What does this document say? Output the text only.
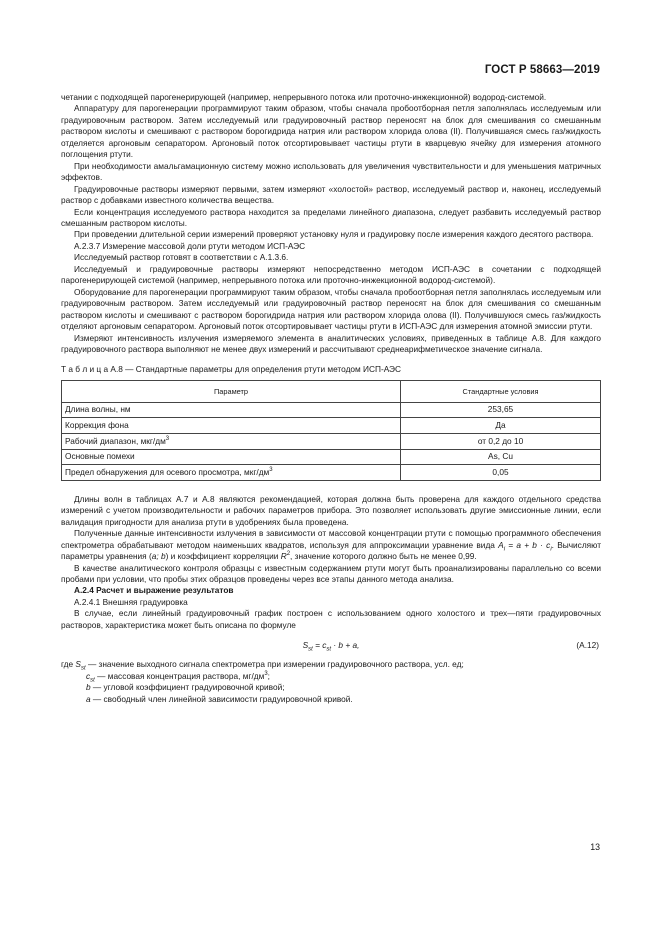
ГОСТ Р 58663—2019

четании с подходящей парогенерирующей (например, непрерывного потока или проточно-инжекционной) водород-системой.

Аппаратуру для парогенерации программируют таким образом, чтобы сначала пробоотборная петля заполнялась исследуемым или градуировочным раствором. Затем исследуемый или градуировочный раствор переносят на блок для смешивания со смешанным раствором кислоты и смешивают с раствором борогидрида натрия или раствором хлорида олова (II). Получившаяся смесь газ/жидкость отделяется аргоновым сепаратором. Аргоновый поток отсортировывает частицы ртути в кварцевую ячейку для измерения атомного поглощения ртути.

При необходимости амальгамационную систему можно использовать для увеличения чувствительности и для уменьшения матричных эффектов.

Градуировочные растворы измеряют первыми, затем измеряют «холостой» раствор, исследуемый раствор и, наконец, исследуемый раствор с добавками известного количества вещества.

Если концентрация исследуемого раствора находится за пределами линейного диапазона, следует разбавить исследуемый раствор смешанным раствором кислоты.

При проведении длительной серии измерений проверяют установку нуля и градуировку после измерения каждого десятого раствора.

А.2.3.7 Измерение массовой доли ртути методом ИСП-АЭС

Исследуемый раствор готовят в соответствии с А.1.3.6.

Исследуемый и градуировочные растворы измеряют непосредственно методом ИСП-АЭС в сочетании с подходящей парогенерирующей системой (например, непрерывного потока или проточно-инжекционной водород-системой).

Оборудование для парогенерации программируют таким образом, чтобы сначала пробоотборная петля заполнялась исследуемым или градуировочным раствором. Затем исследуемый или градуировочный раствор переносят на блок для смешивания со смешанным раствором кислоты и смешивают с раствором борогидрида натрия или раствором хлорида олова (II). Получившуюся смесь газ/жидкость отделяют аргоновым сепаратором. Аргоновый поток отсортировывает частицы ртути в ИСП-АЭС для измерения атомной эмиссии ртути.

Измеряют интенсивность излучения измеряемого элемента в аналитических условиях, приведенных в таблице А.8. Для каждого градуировочного раствора выполняют не менее двух измерений и рассчитывают среднеарифметическое значение сигнала.

Т а б л и ц а А.8 — Стандартные параметры для определения ртути методом ИСП-АЭС

Параметр	Стандартные условия
Длина волны, нм	253,65
Коррекция фона	Да
Рабочий диапазон, мкг/$дм^3$	от 0,2 до 10
Основные помехи	As, Cu
Предел обнаружения для осевого просмотра, мкг/$дм^3$	0,05

Длины волн в таблицах А.7 и А.8 являются рекомендацией, которая должна быть проверена для каждого отдельного средства измерений с учетом производительности и рабочих параметров прибора. Это позволяет использовать другие эмиссионные линии, если валидация пригодности для анализа ртути в удобрениях была проведена.

Полученные данные интенсивности излучения в зависимости от массовой концентрации ртути с помощью программного обеспечения спектрометра обрабатывают методом наименьших квадратов, используя для аппроксимации уравнение вида $A_i = a + b \cdot c_i$. Вычисляют параметры уравнения (a; b) и коэффициент корреляции $R^2$, значение которого должно быть не менее 0,99.

В качестве аналитического контроля образцы с известным содержанием ртути могут быть проанализированы параллельно со всеми пробами при условии, что пробы этих образцов проведены через все этапы данного метода анализа.

А.2.4 Расчет и выражение результатов

А.2.4.1 Внешняя градуировка

В случае, если линейный градуировочный график построен с использованием одного холостого и трех—пяти градуировочных растворов, характеристика может быть описана по формуле

$S_{st} = c_{st} \cdot b + a$,	(А.12)

где $S_{st}$ — значение выходного сигнала спектрометра при измерении градуировочного раствора, усл. ед;

$c_{st}$ — массовая концентрация раствора, $мг/дм^3$;

b — угловой коэффициент градуировочной кривой;

a — свободный член линейной зависимости градуировочной кривой.

13
